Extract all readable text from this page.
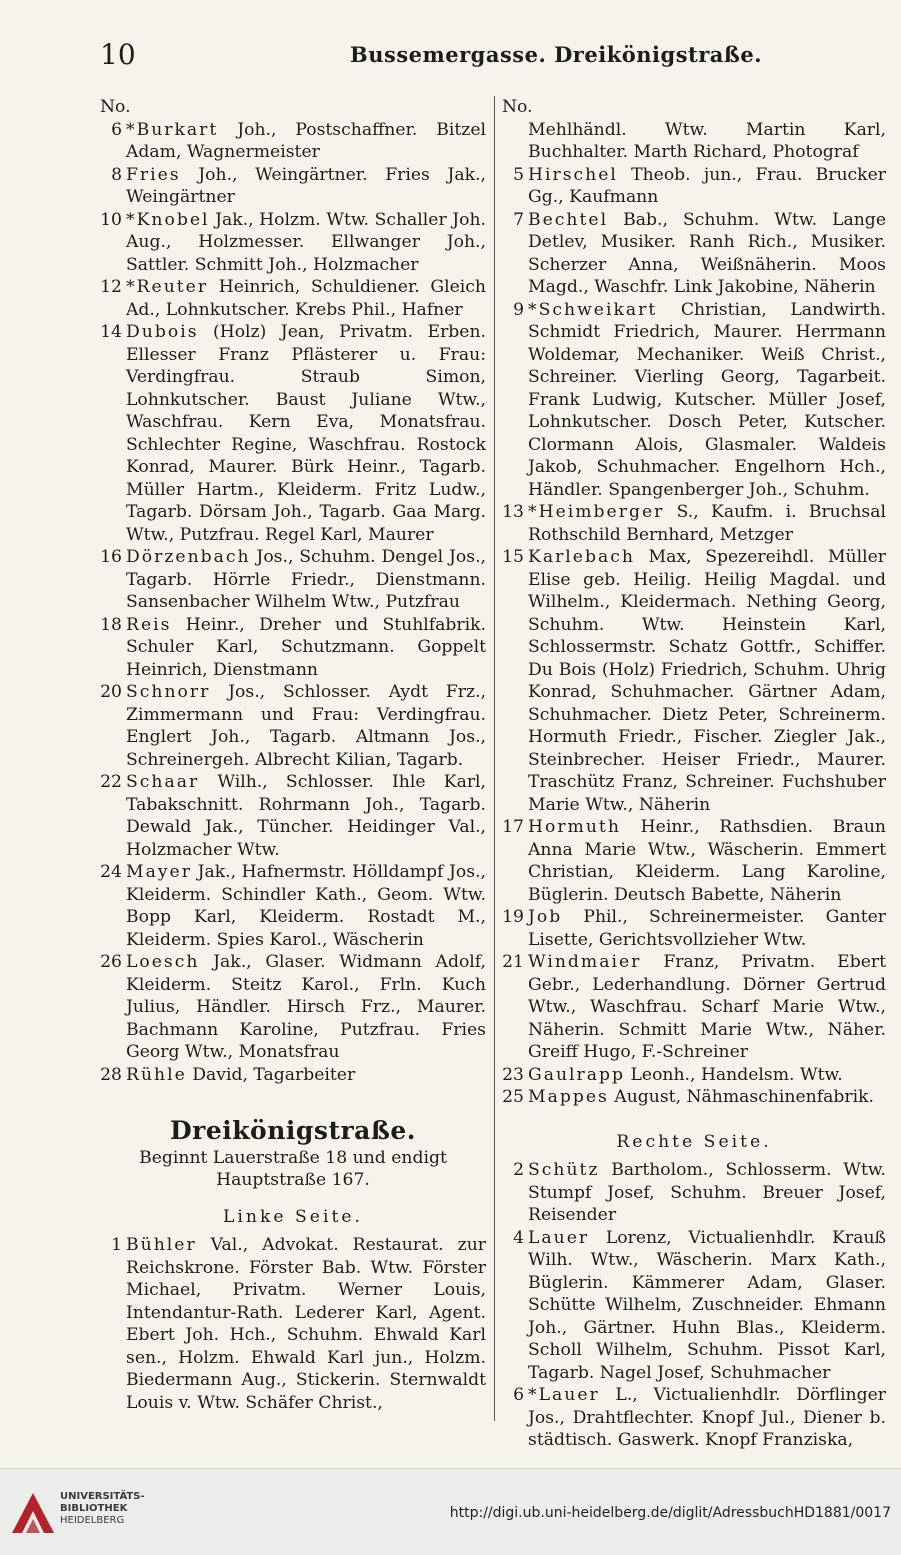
10	Bussemergasse. Dreikönigstraße.
No.
6 *Burkart Joh., Postschaffner. Bitzel Adam, Wagnermeister
8 Fries Joh., Weingärtner. Fries Jak., Weingärtner
10 *Knobel Jak., Holzm. Wtw. Schaller Joh. Aug., Holzmesser. Ellwanger Joh., Sattler. Schmitt Joh., Holzmacher
12 *Reuter Heinrich, Schuldiener. Gleich Ad., Lohnkutscher. Krebs Phil., Hafner
14 Dubois (Holz) Jean, Privatm. Erben. Ellesser Franz Pflästerer u. Frau: Verdingfrau. Straub Simon, Lohnkutscher. Baust Juliane Wtw., Waschfrau. Kern Eva, Monatsfrau. Schlechter Regine, Waschfrau. Rostock Konrad, Maurer. Bürk Heinr., Tagarb. Müller Hartm., Kleiderm. Fritz Ludw., Tagarb. Dörsam Joh., Tagarb. Gaa Marg. Wtw., Putzfrau. Regel Karl, Maurer
16 Dörzenbach Jos., Schuhm. Dengel Jos., Tagarb. Hörrle Friedr., Dienstmann. Sansenbacher Wilhelm Wtw., Putzfrau
18 Reis Heinr., Dreher und Stuhlfabrik. Schuler Karl, Schutzmann. Goppelt Heinrich, Dienstmann
20 Schnorr Jos., Schlosser. Aydt Frz., Zimmermann und Frau: Verdingfrau. Englert Joh., Tagarb. Altmann Jos., Schreinergeh. Albrecht Kilian, Tagarb.
22 Schaar Wilh., Schlosser. Ihle Karl, Tabakschnitt. Rohrmann Joh., Tagarb. Dewald Jak., Tüncher. Heidinger Val., Holzmacher Wtw.
24 Mayer Jak., Hafnermstr. Hölldampf Jos., Kleiderm. Schindler Kath., Geom. Wtw. Bopp Karl, Kleiderm. Rostadt M., Kleiderm. Spies Karol., Wäscherin
26 Loesch Jak., Glaser. Widmann Adolf, Kleiderm. Steitz Karol., Frln. Kuch Julius, Händler. Hirsch Frz., Maurer. Bachmann Karoline, Putzfrau. Fries Georg Wtw., Monatsfrau
28 Rühle David, Tagarbeiter
Dreikönigstraße.
Beginnt Lauerstraße 18 und endigt Hauptstraße 167.
Linke Seite.
1 Bühler Val., Advokat. Restaurat. zur Reichskrone. Förster Bab. Wtw. Förster Michael, Privatm. Werner Louis, Intendantur-Rath. Lederer Karl, Agent. Ebert Joh. Hch., Schuhm. Ehwald Karl sen., Holzm. Ehwald Karl jun., Holzm. Biedermann Aug., Stickerin. Sternwaldt Louis v. Wtw. Schäfer Christ.,
No.
Mehlhändl. Wtw. Martin Karl, Buchhalter. Marth Richard, Photograf
5 Hirschel Theob. jun., Frau. Brucker Gg., Kaufmann
7 Bechtel Bab., Schuhm. Wtw. Lange Detlev, Musiker. Ranh Rich., Musiker. Scherzer Anna, Weißnäherin. Moos Magd., Waschfr. Link Jakobine, Näherin
9 *Schweikart Christian, Landwirth. Schmidt Friedrich, Maurer. Herrmann Woldemar, Mechaniker. Weiß Christ., Schreiner. Vierling Georg, Tagarbeit. Frank Ludwig, Kutscher. Müller Josef, Lohnkutscher. Dosch Peter, Kutscher. Clormann Alois, Glasmaler. Waldeis Jakob, Schuhmacher. Engelhorn Hch., Händler. Spangenberger Joh., Schuhm.
13 *Heimberger S., Kaufm. i. Bruchsal Rothschild Bernhard, Metzger
15 Karlebach Max, Spezereihdl. Müller Elise geb. Heilig. Heilig Magdal. und Wilhelm., Kleidermach. Nething Georg, Schuhm. Wtw. Heinstein Karl, Schlossermstr. Schatz Gottfr., Schiffer. Du Bois (Holz) Friedrich, Schuhm. Uhrig Konrad, Schuhmacher. Gärtner Adam, Schuhmacher. Dietz Peter, Schreinerm. Hormuth Friedr., Fischer. Ziegler Jak., Steinbrecher. Heiser Friedr., Maurer. Traschütz Franz, Schreiner. Fuchshuber Marie Wtw., Näherin
17 Hormuth Heinr., Rathsdien. Braun Anna Marie Wtw., Wäscherin. Emmert Christian, Kleiderm. Lang Karoline, Büglerin. Deutsch Babette, Näherin
19 Job Phil., Schreinermeister. Ganter Lisette, Gerichtsvollzieher Wtw.
21 Windmaier Franz, Privatm. Ebert Gebr., Lederhandlung. Dörner Gertrud Wtw., Waschfrau. Scharf Marie Wtw., Näherin. Schmitt Marie Wtw., Näher. Greiff Hugo, F.-Schreiner
23 Gaulrapp Leonh., Handelsm. Wtw.
25 Mappes August, Nähmaschinenfabrik.
Rechte Seite.
2 Schütz Bartholom., Schlosserm. Wtw. Stumpf Josef, Schuhm. Breuer Josef, Reisender
4 Lauer Lorenz, Victualienhdlr. Krauß Wilh. Wtw., Wäscherin. Marx Kath., Büglerin. Kämmerer Adam, Glaser. Schütte Wilhelm, Zuschneider. Ehmann Joh., Gärtner. Huhn Blas., Kleiderm. Scholl Wilhelm, Schuhm. Pissot Karl, Tagarb. Nagel Josef, Schuhmacher
6 *Lauer L., Victualienhdlr. Dörflinger Jos., Drahtflechter. Knopf Jul., Diener b. städtisch. Gaswerk. Knopf Franziska,
UNIVERSITÄTS-
BIBLIOTHEK
HEIDELBERG	http://digi.ub.uni-heidelberg.de/diglit/AdressbuchHD1881/0017
